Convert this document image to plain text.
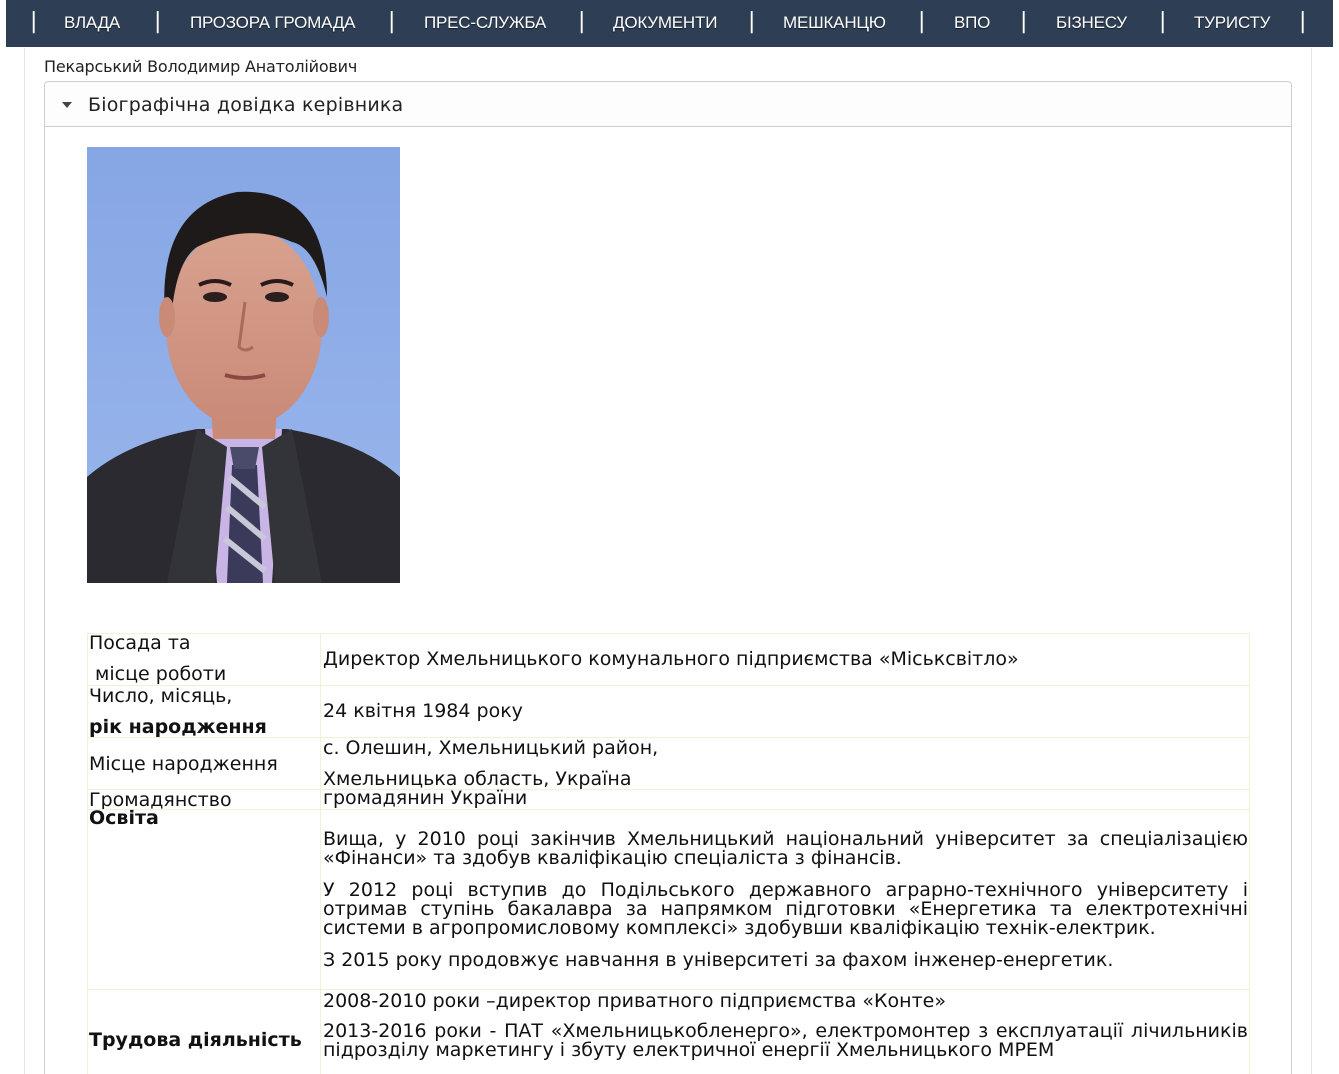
| ВЛАДА | ПРОЗОРА ГРОМАДА | ПРЕС-СЛУЖБА | ДОКУМЕНТИ | МЕШКАНЦЮ | ВПО | БІЗНЕСУ | ТУРИСТУ |
Пекарський Володимир Анатолійович
Біографічна довідка керівника
Посада та
місце роботи
Директор Хмельницького комунального підприємства «Міськсвітло»
Число, місяць,
рік народження
24 квітня 1984 року
Місце народження
с. Олешин, Хмельницький район,
Хмельницька область, Україна
Громадянство	громадянин України
Освіта
Вища, у 2010 році закінчив Хмельницький національний університет за спеціалізацією «Фінанси» та здобув кваліфікацію спеціаліста з фінансів.
У 2012 році вступив до Подільського державного аграрно-технічного університету і отримав ступінь бакалавра за напрямком підготовки «Енергетика та електротехнічні системи в агропромисловому комплексі» здобувши кваліфікацію технік-електрик.
З 2015 року продовжує навчання в університеті за фахом інженер-енергетик.
Трудова діяльність
2008-2010 роки –директор приватного підприємства «Конте»
2013-2016 роки - ПАТ «Хмельницькобленерго», електромонтер з експлуатації лічильників підрозділу маркетингу і збуту електричної енергії Хмельницького МРЕМ
